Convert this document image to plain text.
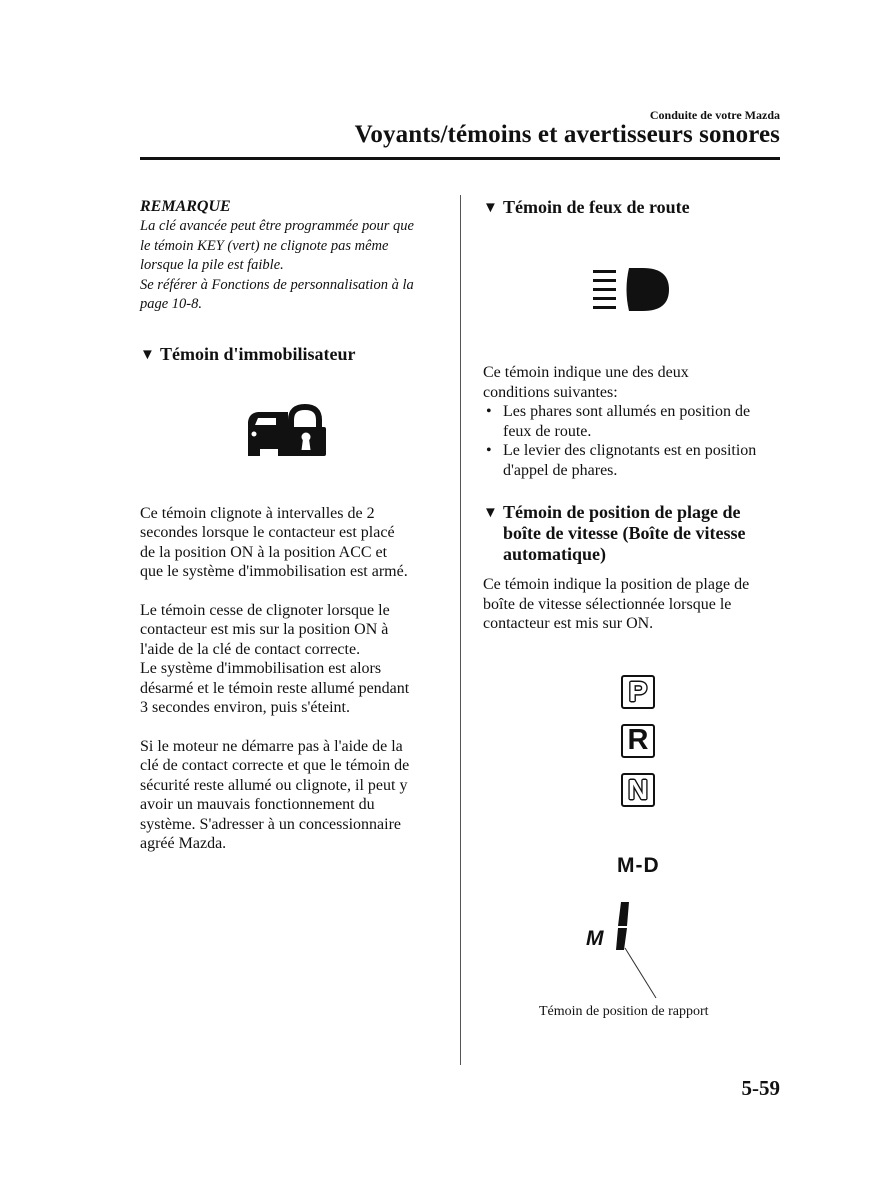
Conduite de votre Mazda
Voyants/témoins et avertisseurs sonores
REMARQUE
La clé avancée peut être programmée pour que
le témoin KEY (vert) ne clignote pas même
lorsque la pile est faible.
Se référer à Fonctions de personnalisation à la
page 10-8.
▼ Témoin d'immobilisateur
Ce témoin clignote à intervalles de 2
secondes lorsque le contacteur est placé
de la position ON à la position ACC et
que le système d'immobilisation est armé.
Le témoin cesse de clignoter lorsque le
contacteur est mis sur la position ON à
l'aide de la clé de contact correcte.
Le système d'immobilisation est alors
désarmé et le témoin reste allumé pendant
3 secondes environ, puis s'éteint.
Si le moteur ne démarre pas à l'aide de la
clé de contact correcte et que le témoin de
sécurité reste allumé ou clignote, il peut y
avoir un mauvais fonctionnement du
système. S'adresser à un concessionnaire
agréé Mazda.
▼ Témoin de feux de route
Ce témoin indique une des deux
conditions suivantes:
• Les phares sont allumés en position de
feux de route.
• Le levier des clignotants est en position
d'appel de phares.
▼ Témoin de position de plage de
boîte de vitesse (Boîte de vitesse
automatique)
Ce témoin indique la position de plage de
boîte de vitesse sélectionnée lorsque le
contacteur est mis sur ON.
P
R
N
M-D
M
Témoin de position de rapport
5-59
